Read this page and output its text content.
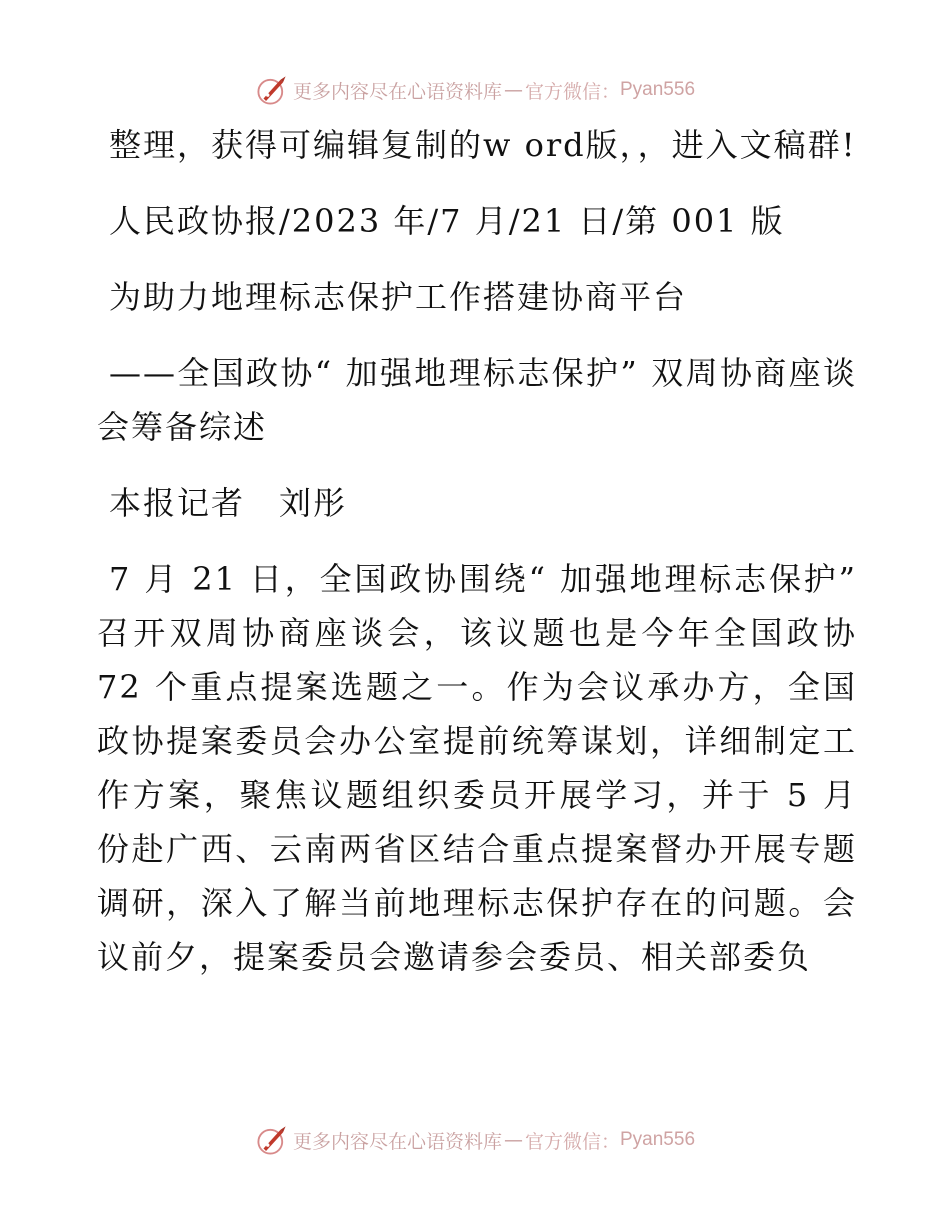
更多内容尽在心语资料库 — 官方微信： Pyan556

整理，获得可编辑复制的w ord版，，进入文稿群!

人民政协报/2023 年/7 月/21 日/第 001 版

为助力地理标志保护工作搭建协商平台

——全国政协“ 加强地理标志保护” 双周协商座谈会筹备综述

本报记者　刘彤

7 月 21 日，全国政协围绕“ 加强地理标志保护” 召开双周协商座谈会，该议题也是今年全国政协 72 个重点提案选题之一。作为会议承办方，全国政协提案委员会办公室提前统筹谋划，详细制定工作方案，聚焦议题组织委员开展学习，并于 5 月份赴广西、云南两省区结合重点提案督办开展专题调研，深入了解当前地理标志保护存在的问题。会议前夕，提案委员会邀请参会委员、相关部委负

更多内容尽在心语资料库 — 官方微信： Pyan556
